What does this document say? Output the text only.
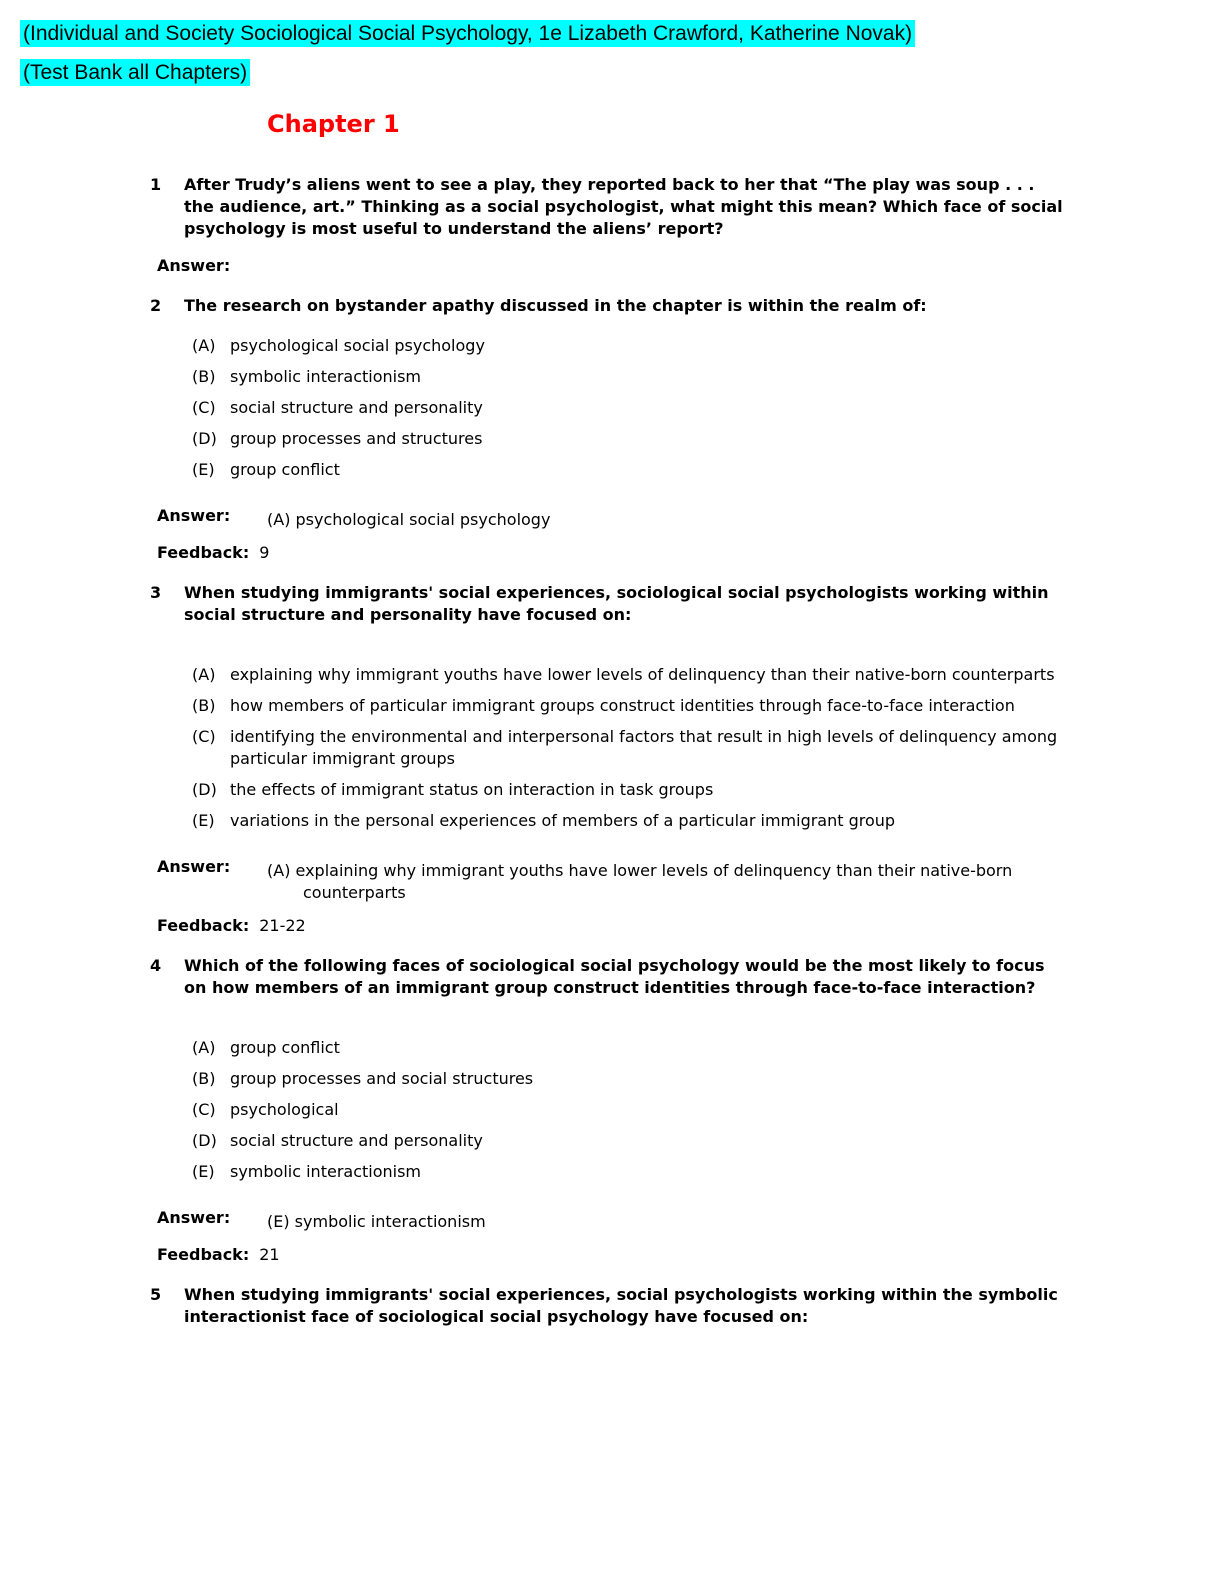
(Individual and Society Sociological Social Psychology, 1e Lizabeth Crawford, Katherine Novak)
(Test Bank all Chapters)
Chapter 1
1	After Trudy’s aliens went to see a play, they reported back to her that “The play was soup . . . the audience, art.” Thinking as a social psychologist, what might this mean? Which face of social psychology is most useful to understand the aliens’ report?
Answer:
2	The research on bystander apathy discussed in the chapter is within the realm of:
(A) psychological social psychology
(B) symbolic interactionism
(C) social structure and personality
(D) group processes and structures
(E) group conflict
Answer:	(A) psychological social psychology
Feedback: 9
3	When studying immigrants' social experiences, sociological social psychologists working within social structure and personality have focused on:
(A) explaining why immigrant youths have lower levels of delinquency than their native-born counterparts
(B) how members of particular immigrant groups construct identities through face-to-face interaction
(C) identifying the environmental and interpersonal factors that result in high levels of delinquency among particular immigrant groups
(D) the effects of immigrant status on interaction in task groups
(E) variations in the personal experiences of members of a particular immigrant group
Answer:	(A) explaining why immigrant youths have lower levels of delinquency than their native-born counterparts
Feedback: 21-22
4	Which of the following faces of sociological social psychology would be the most likely to focus on how members of an immigrant group construct identities through face-to-face interaction?
(A) group conflict
(B) group processes and social structures
(C) psychological
(D) social structure and personality
(E) symbolic interactionism
Answer:	(E) symbolic interactionism
Feedback: 21
5	When studying immigrants' social experiences, social psychologists working within the symbolic interactionist face of sociological social psychology have focused on:
